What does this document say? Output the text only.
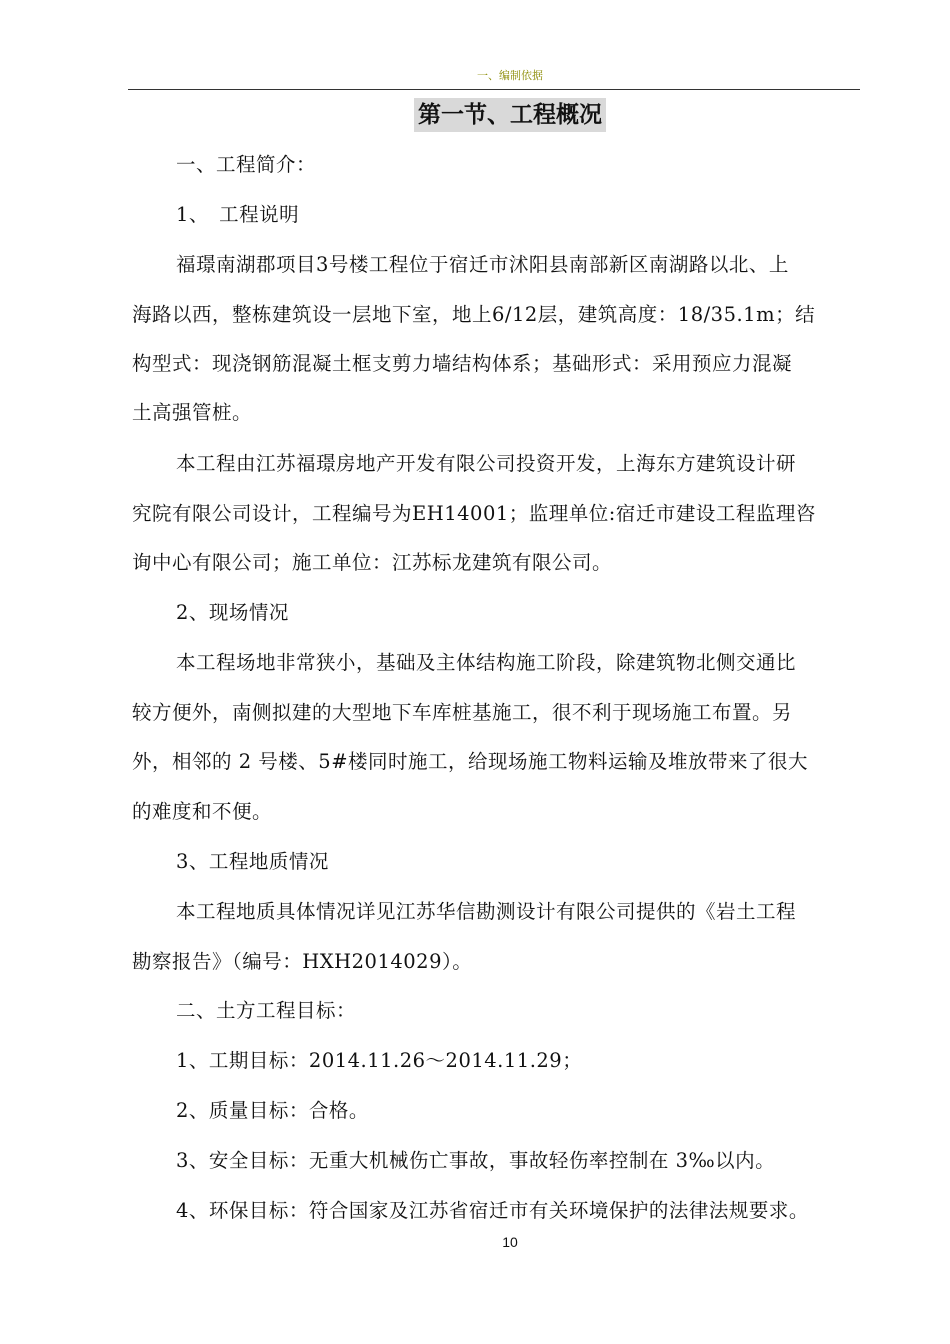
一、编制依据
第一节、工程概况
一、工程简介：
1、　工程说明
福璟南湖郡项目3号楼工程位于宿迁市沭阳县南部新区南湖路以北、上
海路以西，整栋建筑设一层地下室，地上6/12层，建筑高度：18/35.1m；结
构型式：现浇钢筋混凝土框支剪力墙结构体系；基础形式：采用预应力混凝
土高强管桩。
本工程由江苏福璟房地产开发有限公司投资开发，上海东方建筑设计研
究院有限公司设计，工程编号为EH14001；监理单位:宿迁市建设工程监理咨
询中心有限公司；施工单位：江苏标龙建筑有限公司。
2、现场情况
本工程场地非常狭小，基础及主体结构施工阶段，除建筑物北侧交通比
较方便外，南侧拟建的大型地下车库桩基施工，很不利于现场施工布置。另
外，相邻的 2 号楼、5#楼同时施工，给现场施工物料运输及堆放带来了很大
的难度和不便。
3、工程地质情况
本工程地质具体情况详见江苏华信勘测设计有限公司提供的《岩土工程
勘察报告》（编号：HXH2014029）。
二、土方工程目标：
1、工期目标：2014.11.26～2014.11.29；
2、质量目标：合格。
3、安全目标：无重大机械伤亡事故，事故轻伤率控制在 3‰以内。
4、环保目标：符合国家及江苏省宿迁市有关环境保护的法律法规要求。
10
